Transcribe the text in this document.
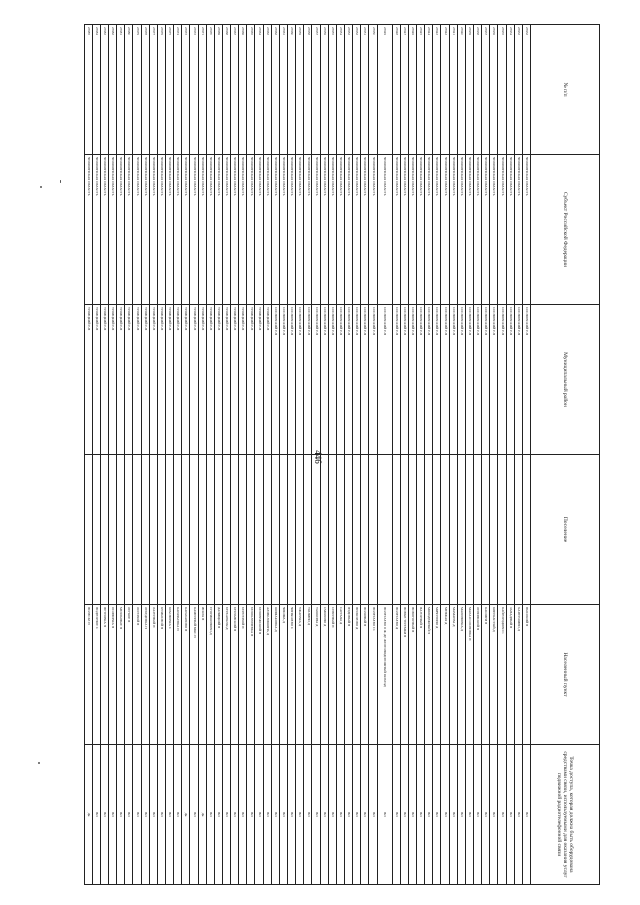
446
№ п/п	Субъект Российской Федерации	Муниципальный район	Поселение	Населенный пункт	Точка доступа, которая должна быть оборудована средствами связи, используемыми для оказания услуг подвижной радиотелефонной связи
23932	ЧЕЛЯБИНСКАЯ ОБЛАСТЬ	СОСНОВСКИЙ Р-Н		ВЫСОКИЙ П	Нет
23933	ЧЕЛЯБИНСКАЯ ОБЛАСТЬ	СОСНОВСКИЙ Р-Н		ХАРЛУШИНО Д	Нет
23934	ЧЕЛЯБИНСКАЯ ОБЛАСТЬ	СОСНОВСКИЙ Р-Н		ЗАПАДНЫЙ П	Нет
23935	ЧЕЛЯБИНСКАЯ ОБЛАСТЬ	СОСНОВСКИЙ Р-Н		КАЙГОРОДОВО С	Нет
23936	ЧЕЛЯБИНСКАЯ ОБЛАСТЬ	СОСНОВСКИЙ Р-Н		КИРЕКАСТЫЙ Д	Нет
23937	ЧЕЛЯБИНСКАЯ ОБЛАСТЬ	СОСНОВСКИЙ Р-Н		КАШИРИ П	Нет
23938	ЧЕЛЯБИНСКАЯ ОБЛАСТЬ	СОСНОВСКИЙ Р-Н		ЛЕНИНСКИЙ П	Нет
23939	ЧЕЛЯБИНСКАЯ ОБЛАСТЬ	СОСНОВСКИЙ Р-Н		МАЛАЯ СОСНОВКА П	Нет
23940	ЧЕЛЯБИНСКАЯ ОБЛАСТЬ	СОСНОВСКИЙ Р-Н		МАЛИНОВКА Д	Нет
23941	ЧЕЛЯБИНСКАЯ ОБЛАСТЬ	СОСНОВСКИЙ Р-Н		МАМАЕВА Д	Нет
23942	ЧЕЛЯБИНСКАЯ ОБЛАСТЬ	СОСНОВСКИЙ Р-Н		МЕНЖАЯ Д	Нет
23943	ЧЕЛЯБИНСКАЯ ОБЛАСТЬ	СОСНОВСКИЙ Р-Н		МИЧУРИНО Д	Нет
23944	ЧЕЛЯБИНСКАЯ ОБЛАСТЬ	СОСНОВСКИЙ Р-Н		МОЛОДЕЖНЫЙ П	Нет
23945	ЧЕЛЯБИНСКАЯ ОБЛАСТЬ	СОСНОВСКИЙ Р-Н		НАГОРНЫЙ П	Нет
23946	ЧЕЛЯБИНСКАЯ ОБЛАСТЬ	СОСНОВСКИЙ Р-Н		НОВОГОРНЫЙ П	Нет
23947	ЧЕЛЯБИНСКАЯ ОБЛАСТЬ	СОСНОВСКИЙ Р-Н		НОВЫЕ ТЕРЕМКИ П	Нет
23948	ЧЕЛЯБИНСКАЯ ОБЛАСТЬ	СОСНОВСКИЙ Р-Н		ПОЛЕТАЕВО Д	Нет
23949	ЧЕЛЯБИНСКАЯ ОБЛАСТЬ	СОСНОВСКИЙ Р-Н		ПОЛЕТАЕВО II Ж. ДЕ ЖЕЛЕЗНОДОРОЖНЫЙ РАЗЪЕЗД	Нет
23950	ЧЕЛЯБИНСКАЯ ОБЛАСТЬ	СОСНОВСКИЙ Р-Н		ПОЛЕТАЕВО I С	Нет
23951	ЧЕЛЯБИНСКАЯ ОБЛАСТЬ	СОСНОВСКИЙ Р-Н		ПОЛЯНЫЙ П	Нет
23952	ЧЕЛЯБИНСКАЯ ОБЛАСТЬ	СОСНОВСКИЙ Р-Н		ПРОХОРОВО Д	Нет
23953	ЧЕЛЯБИНСКАЯ ОБЛАСТЬ	СОСНОВСКИЙ Р-Н		ПУДОВЫЙ П	Нет
23954	ЧЕЛЯБИНСКАЯ ОБЛАСТЬ	СОСНОВСКИЙ Р-Н		САРГАЗЫ Д	Нет
23955	ЧЕЛЯБИНСКАЯ ОБЛАСТЬ	СОСНОВСКИЙ Р-Н		СЕВЕРНЫЙ П	Нет
23956	ЧЕЛЯБИНСКАЯ ОБЛАСТЬ	СОСНОВСКИЙ Р-Н		СМОЛИНО Д	Нет
23957	ЧЕЛЯБИНСКАЯ ОБЛАСТЬ	СОСНОВСКИЙ Р-Н		ТАШКИНА Д	Нет
23958	ЧЕЛЯБИНСКАЯ ОБЛАСТЬ	СОСНОВСКИЙ Р-Н		ТРАНИНО Д	Нет
23959	ЧЕЛЯБИНСКАЯ ОБЛАСТЬ	СОСНОВСКИЙ Р-Н		УЖАЕВКА Д	Нет
23960	ЧЕЛЯБИНСКАЯ ОБЛАСТЬ	СОСНОВСКИЙ Р-Н		ЧИПЫШЕВО С	Нет
23961	ЧЕЛЯБИНСКАЯ ОБЛАСТЬ	СОСНОВСКИЙ Р-Н		ЧИШМА Д	Нет
23962	ЧЕЛЯБИНСКАЯ ОБЛАСТЬ	СОСНОВСКИЙ Р-Н		ШИМАКОВКА Д	Нет
23963	ЧЕЛЯБИНСКАЯ ОБЛАСТЬ	ТРОИЦКИЙ Р-Н		АЛИМ ЛИШИНА Д	Нет
23964	ЧЕЛЯБИНСКАЯ ОБЛАСТЬ	ТРОИЦКИЙ Р-Н		БЕЛОВЕЖСКИЙ П	Нет
23965	ЧЕЛЯБИНСКАЯ ОБЛАСТЬ	ТРОИЦКИЙ Р-Н		БЕЛОКЛЮЧЕВКА П	Нет
23966	ЧЕЛЯБИНСКАЯ ОБЛАСТЬ	ТРОИЦКИЙ Р-Н		БЕРЕГОВОЙ П	Нет
23967	ЧЕЛЯБИНСКАЯ ОБЛАСТЬ	ТРОИЦКИЙ Р-Н		БУРЛАНСКИЙ П	Нет
23968	ЧЕЛЯБИНСКАЯ ОБЛАСТЬ	ТРОИЦКИЙ Р-Н		БУРХАНЯЛЫ Д	Нет
23969	ЧЕЛЯБИНСКАЯ ОБЛАСТЬ	ТРОИЦКИЙ Р-Н		ДАНИЦКИЙ П	Нет
23970	ЧЕЛЯБИНСКАЯ ОБЛАСТЬ	ТРОИЦКИЙ Р-Н		ЕГОРИШИНОВО Д	Нет
23971	ЧЕЛЯБИНСКАЯ ОБЛАСТЬ	ТРОИЦКИЙ Р-Н		ИСКРА П	Да
23972	ЧЕЛЯБИНСКАЯ ОБЛАСТЬ	ТРОИЦКИЙ Р-Н		КАМЕННЫЙ МЫС П	Нет
23973	ЧЕЛЯБИНСКАЯ ОБЛАСТЬ	ТРОИЦКИЙ Р-Н		КАРАБАНОВО П	Да
23974	ЧЕЛЯБИНСКАЯ ОБЛАСТЬ	ТРОИЦКИЙ Р-Н		КАРАЧАЕВКА П	Нет
23975	ЧЕЛЯБИНСКАЯ ОБЛАСТЬ	ТРОИЦКИЙ Р-Н		КРАСНОВКА С	Нет
23976	ЧЕЛЯБИНСКАЯ ОБЛАСТЬ	ТРОИЦКИЙ Р-Н		КУМЫСНОЙ П	Нет
23977	ЧЕЛЯБИНСКАЯ ОБЛАСТЬ	ТРОИЦКИЙ Р-Н		ЛАЗУРНЫЙ П	Нет
23978	ЧЕЛЯБИНСКАЯ ОБЛАСТЬ	ТРОИЦКИЙ Р-Н		ЛЕБЕДЕВКА П	Нет
23979	ЧЕЛЯБИНСКАЯ ОБЛАСТЬ	ТРОИЦКИЙ Р-Н		ЛОГОВОЙ П	Нет
23980	ЧЕЛЯБИНСКАЯ ОБЛАСТЬ	ТРОИЦКИЙ Р-Н		ЛЕГКОЕ П	Нет
23981	ЧЕЛЯБИНСКАЯ ОБЛАСТЬ	ТРОИЦКИЙ Р-Н		МЕЛЛЫНЫЕ П	Нет
23982	ЧЕЛЯБИНСКАЯ ОБЛАСТЬ	ТРОИЦКИЙ Р-Н		ОСИПОВКА П	Нет
23983	ЧЕЛЯБИНСКАЯ ОБЛАСТЬ	ТРОИЦКИЙ Р-Н		ПЕТРОВКА П	Нет
23984	ЧЕЛЯБИНСКАЯ ОБЛАСТЬ	ТРОИЦКИЙ Р-Н		ПОДГОРНОЕ С	Нет
23985	ЧЕЛЯБИНСКАЯ ОБЛАСТЬ	ТРОИЦКИЙ Р-Н		ПОЛЕСЬЕ П	Да
